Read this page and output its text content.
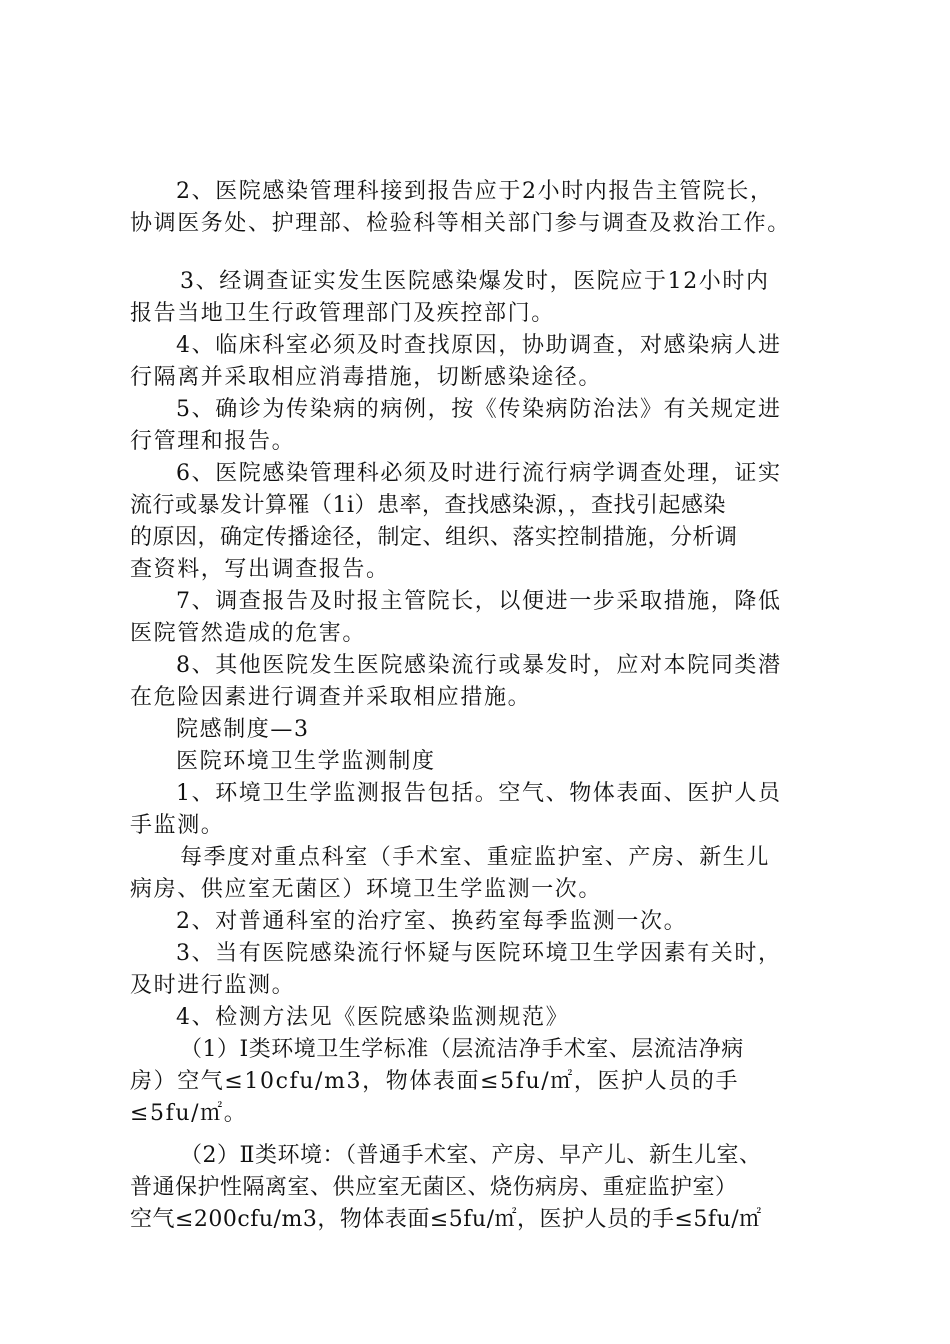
2、医院感染管理科接到报告应于2小时内报告主管院长，
协调医务处、护理部、检验科等相关部门参与调查及救治工作。
3、经调查证实发生医院感染爆发时，医院应于12小时内
报告当地卫生行政管理部门及疾控部门。
4、临床科室必须及时查找原因，协助调查，对感染病人进
行隔离并采取相应消毒措施，切断感染途径。
5、确诊为传染病的病例，按《传染病防治法》有关规定进
行管理和报告。
6、医院感染管理科必须及时进行流行病学调查处理，证实
流行或暴发计算罹（1i）患率，查找感染源，，查找引起感染
的原因，确定传播途径，制定、组织、落实控制措施，分析调
查资料，写出调查报告。
7、调查报告及时报主管院长，以便进一步采取措施，降低
医院管然造成的危害。
8、其他医院发生医院感染流行或暴发时，应对本院同类潜
在危险因素进行调查并采取相应措施。
院感制度—3
医院环境卫生学监测制度
1、环境卫生学监测报告包括。空气、物体表面、医护人员
手监测。
每季度对重点科室（手术室、重症监护室、产房、新生儿
病房、供应室无菌区）环境卫生学监测一次。
2、对普通科室的治疗室、换药室每季监测一次。
3、当有医院感染流行怀疑与医院环境卫生学因素有关时，
及时进行监测。
4、检测方法见《医院感染监测规范》
（1）Ⅰ类环境卫生学标准（层流洁净手术室、层流洁净病
房）空气≤10cfu/m3，物体表面≤5fu/㎡，医护人员的手
≤5fu/㎡。
（2）Ⅱ类环境：（普通手术室、产房、早产儿、新生儿室、
普通保护性隔离室、供应室无菌区、烧伤病房、重症监护室）
空气≤200cfu/m3，物体表面≤5fu/㎡，医护人员的手≤5fu/㎡
